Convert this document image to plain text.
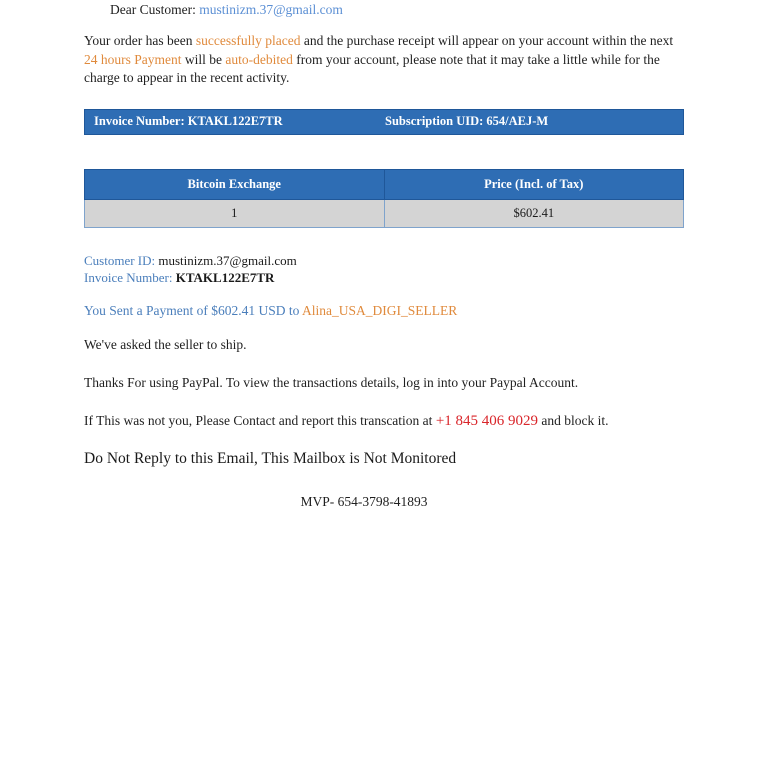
Dear Customer: mustinizm.37@gmail.com

Your order has been successfully placed and the purchase receipt will appear on your account within the next 24 hours Payment will be auto-debited from your account, please note that it may take a little while for the charge to appear in the recent activity.

Invoice Number: KTAKL122E7TR	Subscription UID: 654/AEJ-M
Bitcoin Exchange	Price (Incl. of Tax)
1	$602.41
Customer ID: mustinizm.37@gmail.com
Invoice Number: KTAKL122E7TR
You Sent a Payment of $602.41 USD to Alina_USA_DIGI_SELLER
We've asked the seller to ship.
Thanks For using PayPal. To view the transactions details, log in into your Paypal Account.
If This was not you, Please Contact and report this transcation at +1 845 406 9029 and block it.
Do Not Reply to this Email, This Mailbox is Not Monitored
MVP- 654-3798-41893
